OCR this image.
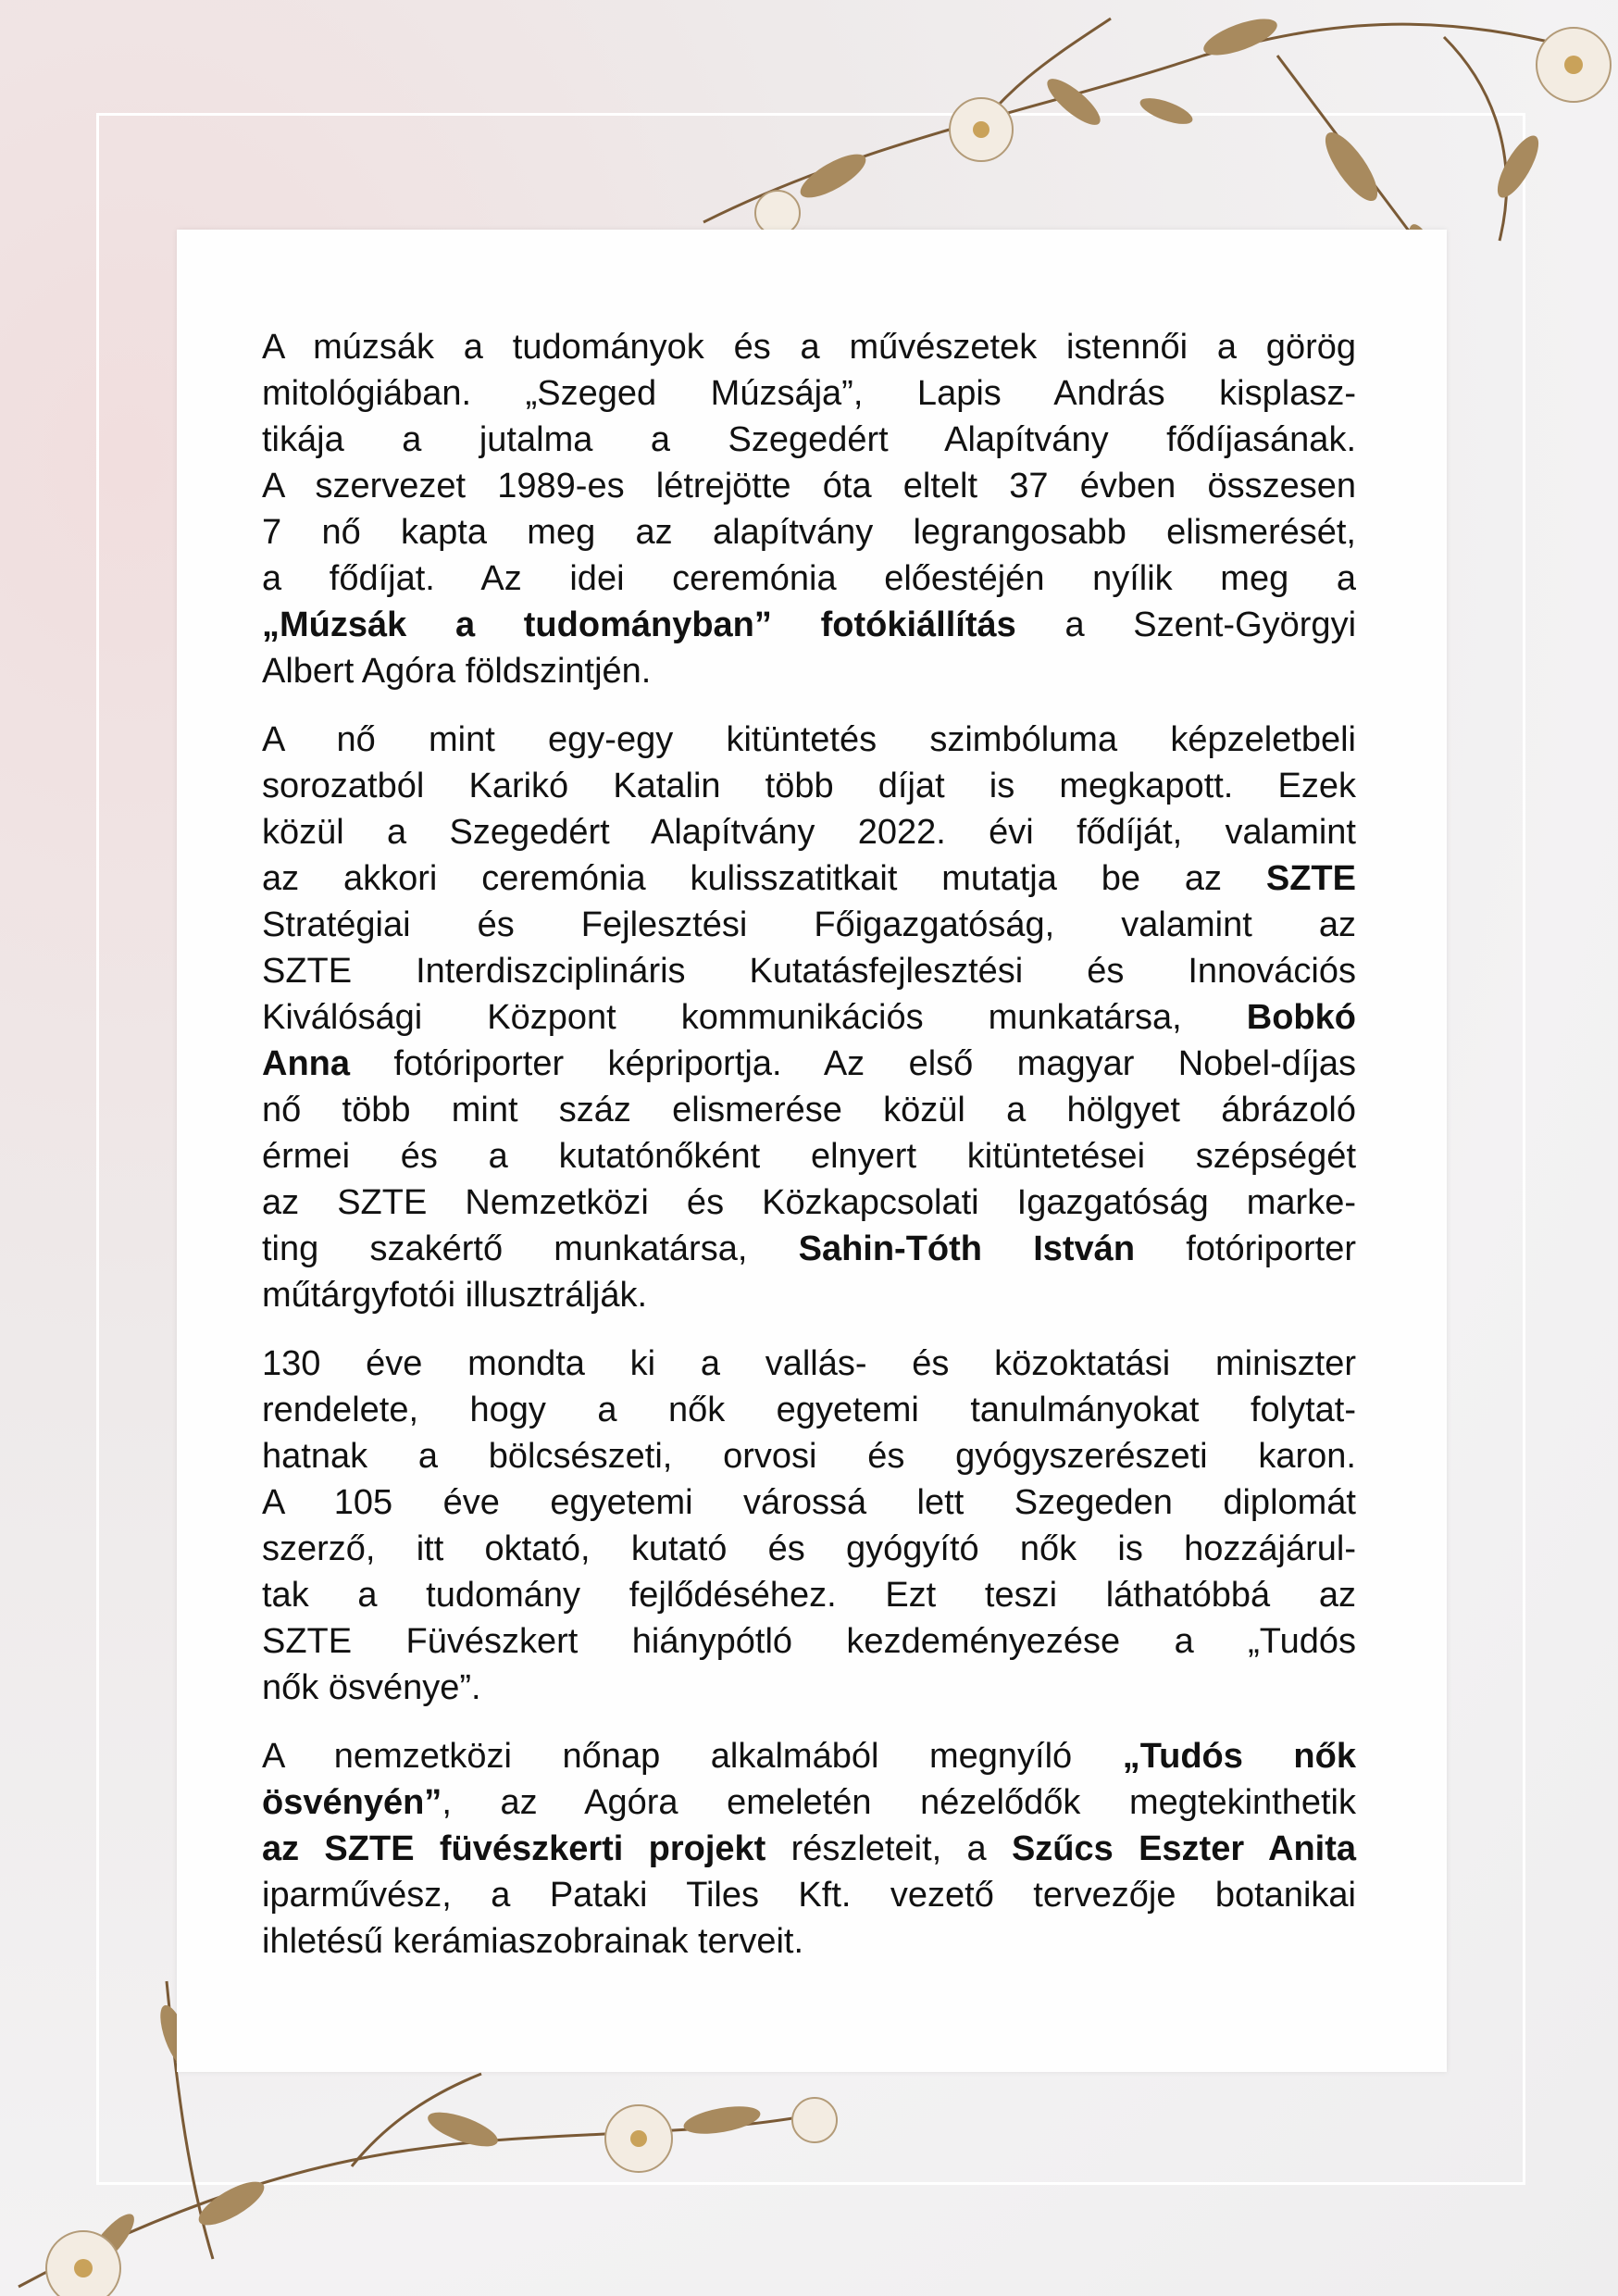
A múzsák a tudományok és a művészetek istennői a görög
mitológiában. „Szeged Múzsája”, Lapis András kisplasz-
tikája a jutalma a Szegedért Alapítvány fődíjasának.
A szervezet 1989-es létrejötte óta eltelt 37 évben összesen
7 nő kapta meg az alapítvány legrangosabb elismerését,
a fődíjat. Az idei ceremónia előestéjén nyílik meg a
„Múzsák a tudományban” fotókiállítás a Szent-Györgyi
Albert Agóra földszintjén.
A nő mint egy-egy kitüntetés szimbóluma képzeletbeli
sorozatból Karikó Katalin több díjat is megkapott. Ezek
közül a Szegedért Alapítvány 2022. évi fődíját, valamint
az akkori ceremónia kulisszatitkait mutatja be az SZTE
Stratégiai és Fejlesztési Főigazgatóság, valamint az
SZTE Interdiszciplináris Kutatásfejlesztési és Innovációs
Kiválósági Központ kommunikációs munkatársa, Bobkó
Anna fotóriporter képriportja. Az első magyar Nobel-díjas
nő több mint száz elismerése közül a hölgyet ábrázoló
érmei és a kutatónőként elnyert kitüntetései szépségét
az SZTE Nemzetközi és Közkapcsolati Igazgatóság marke-
ting szakértő munkatársa, Sahin-Tóth István fotóriporter
műtárgyfotói illusztrálják.
130 éve mondta ki a vallás- és közoktatási miniszter
rendelete, hogy a nők egyetemi tanulmányokat folytat-
hatnak a bölcsészeti, orvosi és gyógyszerészeti karon.
A 105 éve egyetemi várossá lett Szegeden diplomát
szerző, itt oktató, kutató és gyógyító nők is hozzájárul-
tak a tudomány fejlődéséhez. Ezt teszi láthatóbbá az
SZTE Füvészkert hiánypótló kezdeményezése a „Tudós
nők ösvénye”.
A nemzetközi nőnap alkalmából megnyíló „Tudós nők
ösvényén”, az Agóra emeletén nézelődők megtekinthetik
az SZTE füvészkerti projekt részleteit, a Szűcs Eszter Anita
iparművész, a Pataki Tiles Kft. vezető tervezője botanikai
ihletésű kerámiaszobrainak terveit.
